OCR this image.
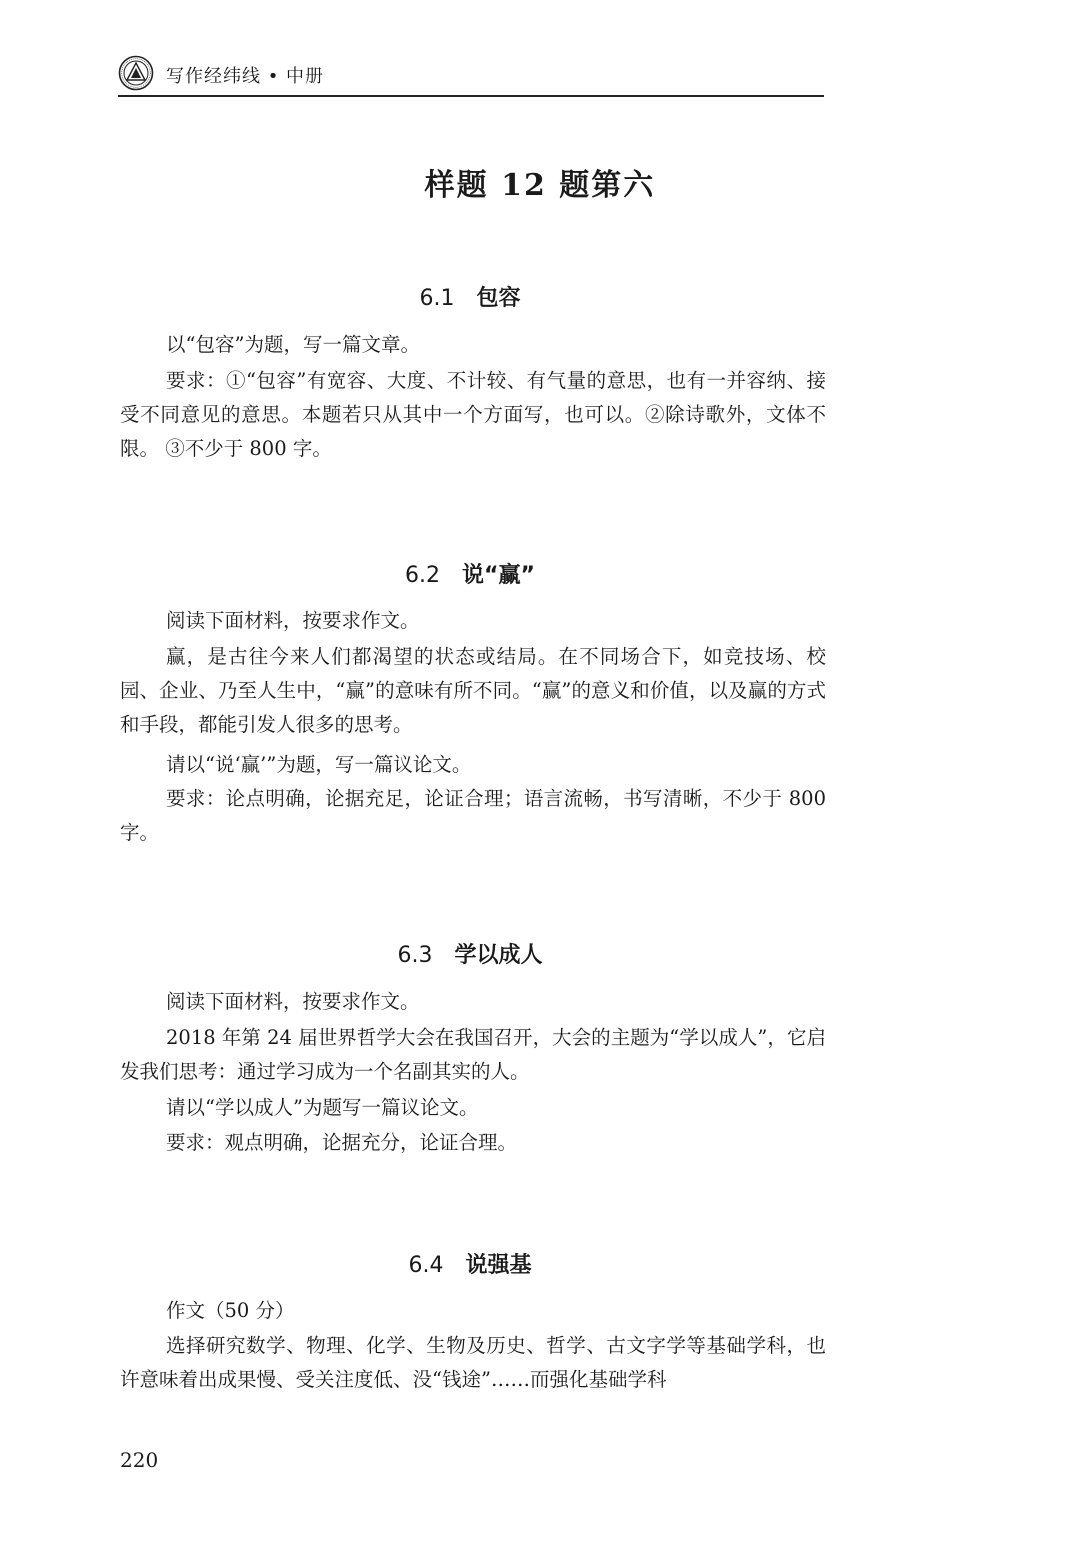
写作经纬线 • 中册
样题 12 题第六
6.1 包容

以“包容”为题，写一篇文章。

要求：①“包容”有宽容、大度、不计较、有气量的意思，也有一并容纳、接受不同意见的意思。本题若只从其中一个方面写，也可以。②除诗歌外，文体不限。 ③不少于 800 字。

6.2 说“赢”

阅读下面材料，按要求作文。

赢，是古往今来人们都渴望的状态或结局。在不同场合下，如竞技场、校园、企业、乃至人生中，“赢”的意味有所不同。“赢”的意义和价值，以及赢的方式和手段，都能引发人很多的思考。

请以“说‘赢’”为题，写一篇议论文。

要求：论点明确，论据充足，论证合理；语言流畅，书写清晰，不少于 800 字。

6.3 学以成人

阅读下面材料，按要求作文。

2018 年第 24 届世界哲学大会在我国召开，大会的主题为“学以成人”，它启发我们思考：通过学习成为一个名副其实的人。

请以“学以成人”为题写一篇议论文。

要求：观点明确，论据充分，论证合理。

6.4 说强基

作文（50 分）

选择研究数学、物理、化学、生物及历史、哲学、古文字学等基础学科，也许意味着出成果慢、受关注度低、没“钱途”……而强化基础学科

220
